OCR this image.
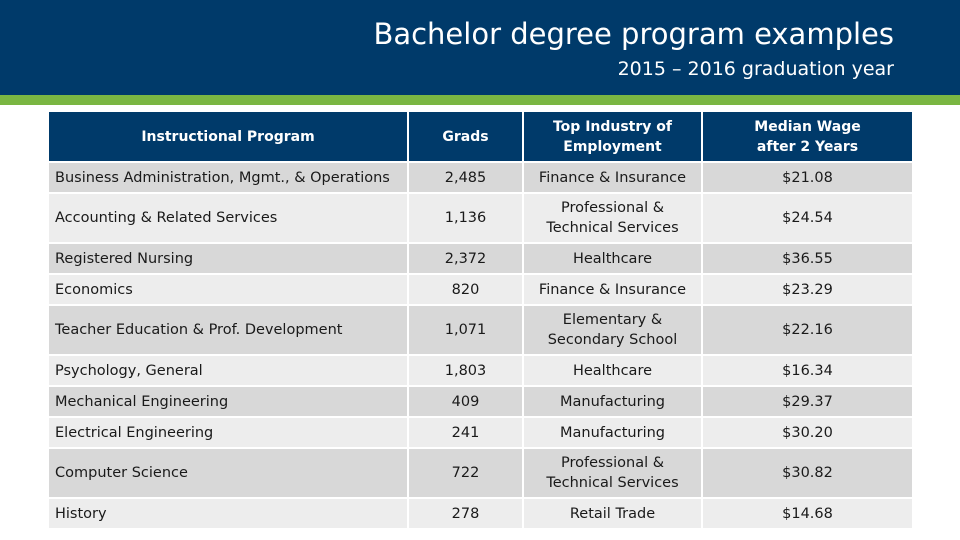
Bachelor degree program examples
2015 – 2016 graduation year
Instructional Program	Grads	Top Industry of Employment	Median Wage after 2 Years

Business Administration, Mgmt., & Operations	2,485	Finance & Insurance	$21.08
Accounting & Related Services	1,136	Professional & Technical Services	$24.54
Registered Nursing	2,372	Healthcare	$36.55
Economics	820	Finance & Insurance	$23.29
Teacher Education & Prof. Development	1,071	Elementary & Secondary School	$22.16
Psychology, General	1,803	Healthcare	$16.34
Mechanical Engineering	409	Manufacturing	$29.37
Electrical Engineering	241	Manufacturing	$30.20
Computer Science	722	Professional & Technical Services	$30.82
History	278	Retail Trade	$14.68
